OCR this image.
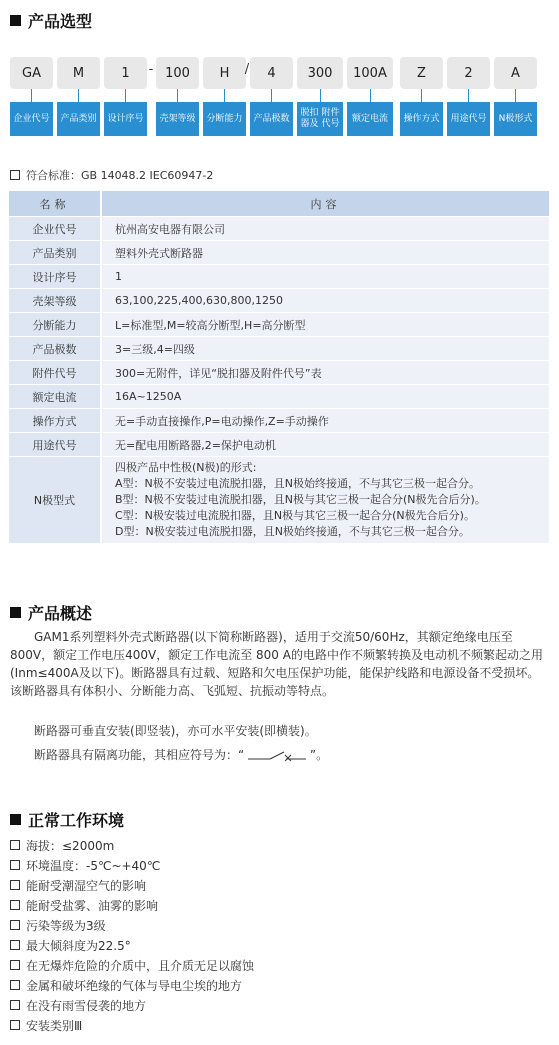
产品选型
GA
企业 代号
M
产品 类别
1
设计 序号
- 100
壳架 等级
H
分断 能力
/	4
产品 极数
300
脱扣器及

附件代号
100A
额定 电流
Z
操作 方式
2
用途 代号
A
N极 形式
符合标准：GB 14048.2 IEC60947-2
名称	内容
企业代号	杭州高安电器有限公司
产品类别	塑料外壳式断路器
设计序号	1
壳架等级	63,100,225,400,630,800,1250
分断能力	L=标准型,M=较高分断型,H=高分断型
产品极数	3=三级,4=四级
附件代号	300=无附件，详见“脱扣器及附件代号”表
额定电流	16A~1250A
操作方式	无=手动直接操作,P=电动操作,Z=手动操作
用途代号	无=配电用断路器,2=保护电动机
N极型式	四极产品中性极(N极)的形式:
A型：N极不安装过电流脱扣器，且N极始终接通，不与其它三极一起合分。
B型：N极不安装过电流脱扣器，且N极与其它三极一起合分(N极先合后分)。
C型：N极安装过电流脱扣器，且N极与其它三极一起合分(N极先合后分)。
D型：N极安装过电流脱扣器，且N极始终接通，不与其它三极一起合分。
产品概述

GAM1系列塑料外壳式断路器(以下简称断路器)，适用于交流50/60Hz，其额定绝缘电压至800V，额定工作电压400V，额定工作电流至 800 A的电路中作不频繁转换及电动机不频繁起动之用(Inm≤400A及以下)。断路器具有过载、短路和欠电压保护功能，能保护线路和电源设备不受损坏。该断路器具有体积小、分断能力高、飞弧短、抗振动等特点。

断路器可垂直安装(即竖装)，亦可水平安装(即横装)。

断路器具有隔离功能，其相应符号为：“	”。

正常工作环境
海拔：≤2000m
环境温度：-5℃~+40℃
能耐受潮湿空气的影响
能耐受盐雾、油雾的影响
污染等级为3级
最大倾斜度为22.5°
在无爆炸危险的介质中，且介质无足以腐蚀
金属和破坏绝缘的气体与导电尘埃的地方
在没有雨雪侵袭的地方
安装类别Ⅲ
